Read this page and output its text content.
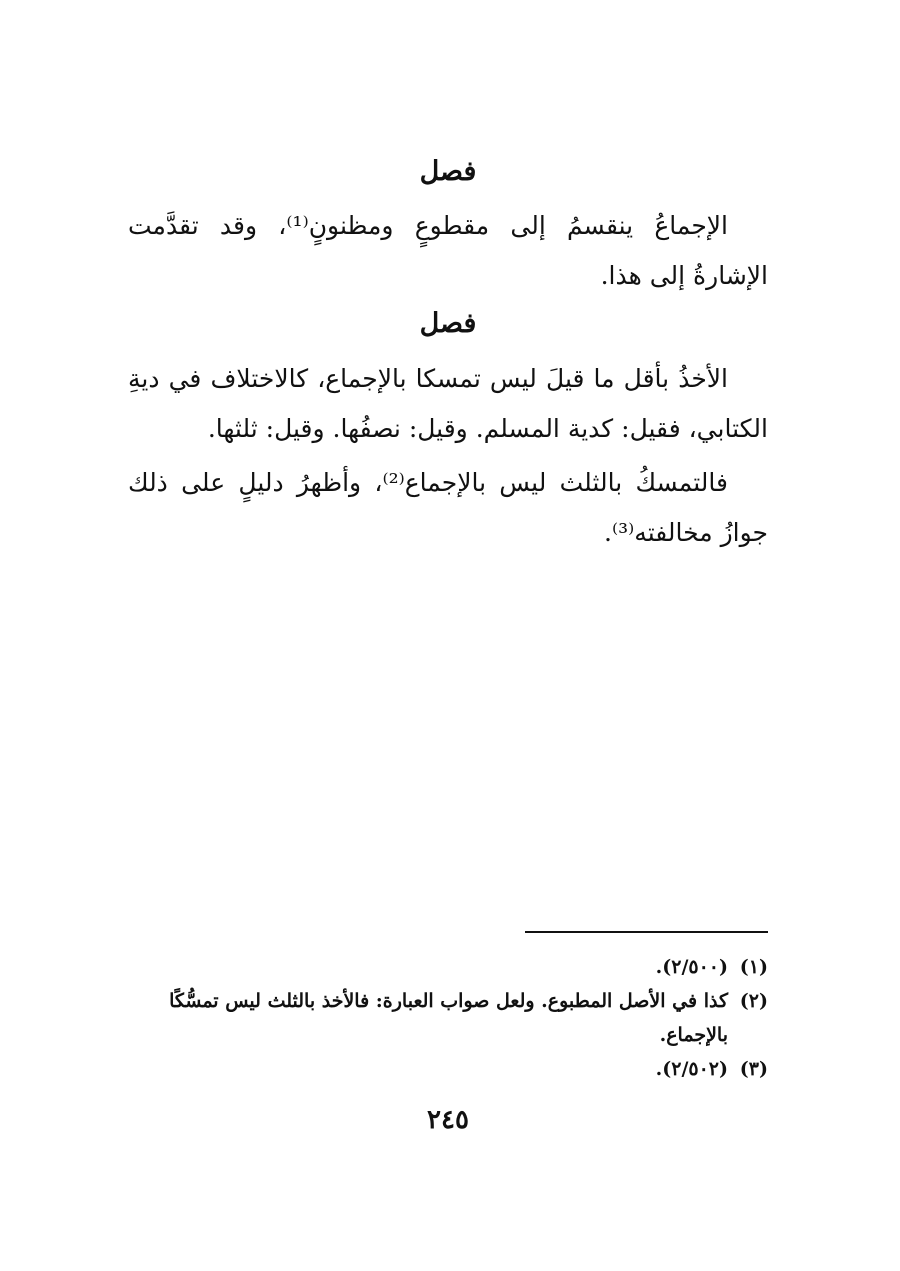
فصل

الإجماعُ ينقسمُ إلى مقطوعٍ ومظنونٍ⁽¹⁾، وقد تقدَّمت الإشارةُ إلى هذا.

فصل

الأخذُ بأقل ما قيلَ ليس تمسكا بالإجماع، كالاختلاف في ديةِ الكتابي، فقيل: كدية المسلم. وقيل: نصفُها. وقيل: ثلثها.

فالتمسكُ بالثلث ليس بالإجماع⁽²⁾، وأظهرُ دليلٍ على ذلك جوازُ مخالفته⁽³⁾.

(١)
(٢/٥٠٠).
(٢)
كذا في الأصل المطبوع. ولعل صواب العبارة: فالأخذ بالثلث ليس تمسُّكًا بالإجماع.
(٣)
(٢/٥٠٢).
٢٤٥
